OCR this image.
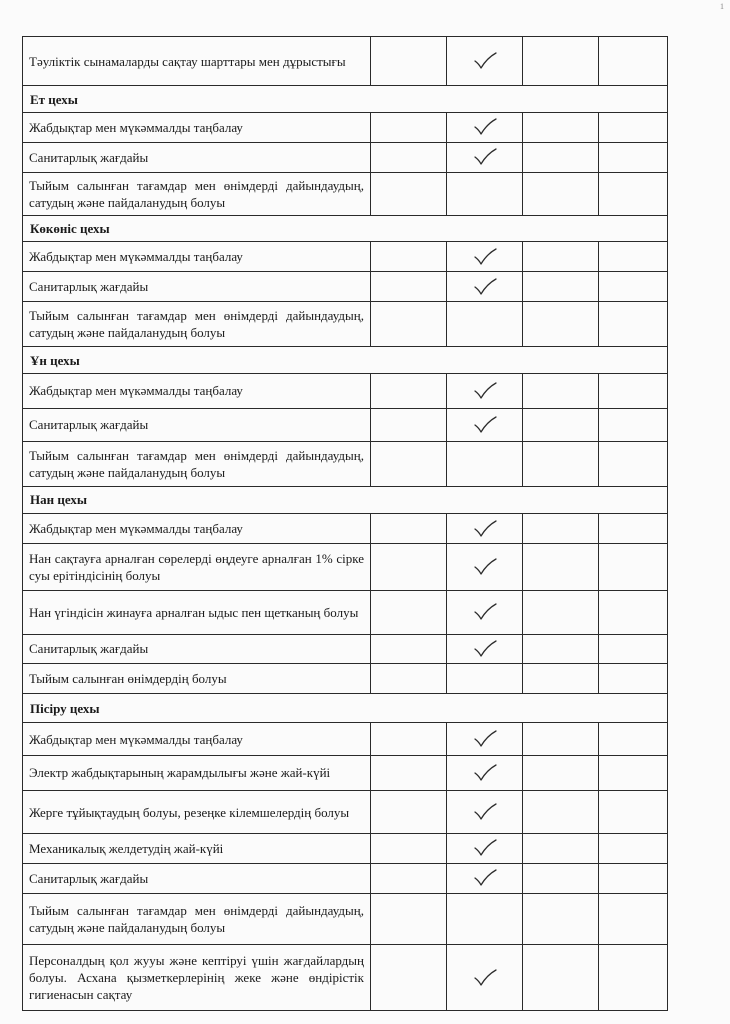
1
Тәуліктік сынамаларды сақтау шарттары мен дұрыстығы				
Ет цехы				
Жабдықтар мен мүкәммалды таңбалау				
Санитарлық жағдайы				
Тыйым салынған тағамдар мен өнімдерді дайындаудың, сатудың және пайдаланудың болуы				
Көкөніс цехы				
Жабдықтар мен мүкәммалды таңбалау				
Санитарлық жағдайы				
Тыйым салынған тағамдар мен өнімдерді дайындаудың, сатудың және пайдаланудың болуы				
Ұн цехы				
Жабдықтар мен мүкәммалды таңбалау				
Санитарлық жағдайы				
Тыйым салынған тағамдар мен өнімдерді дайындаудың, сатудың және пайдаланудың болуы				
Нан цехы				
Жабдықтар мен мүкәммалды таңбалау				
Нан сақтауға арналған сөрелерді өңдеуге арналған 1% сірке суы ерітіндісінің болуы				
Нан үгіндісін жинауға арналған ыдыс пен щетканың болуы				
Санитарлық жағдайы				
Тыйым салынған өнімдердің болуы				
Пісіру цехы				
Жабдықтар мен мүкәммалды таңбалау				
Электр жабдықтарының жарамдылығы және жай-күйі				
Жерге тұйықтаудың болуы, резеңке кілемшелердің болуы				
Механикалық желдетудің жай-күйі				
Санитарлық жағдайы				
Тыйым салынған тағамдар мен өнімдерді дайындаудың, сатудың және пайдаланудың болуы				
Персоналдың қол жууы және кептіруі үшін жағдайлардың болуы. Асхана қызметкерлерінің жеке және өндірістік гигиенасын сақтау				
